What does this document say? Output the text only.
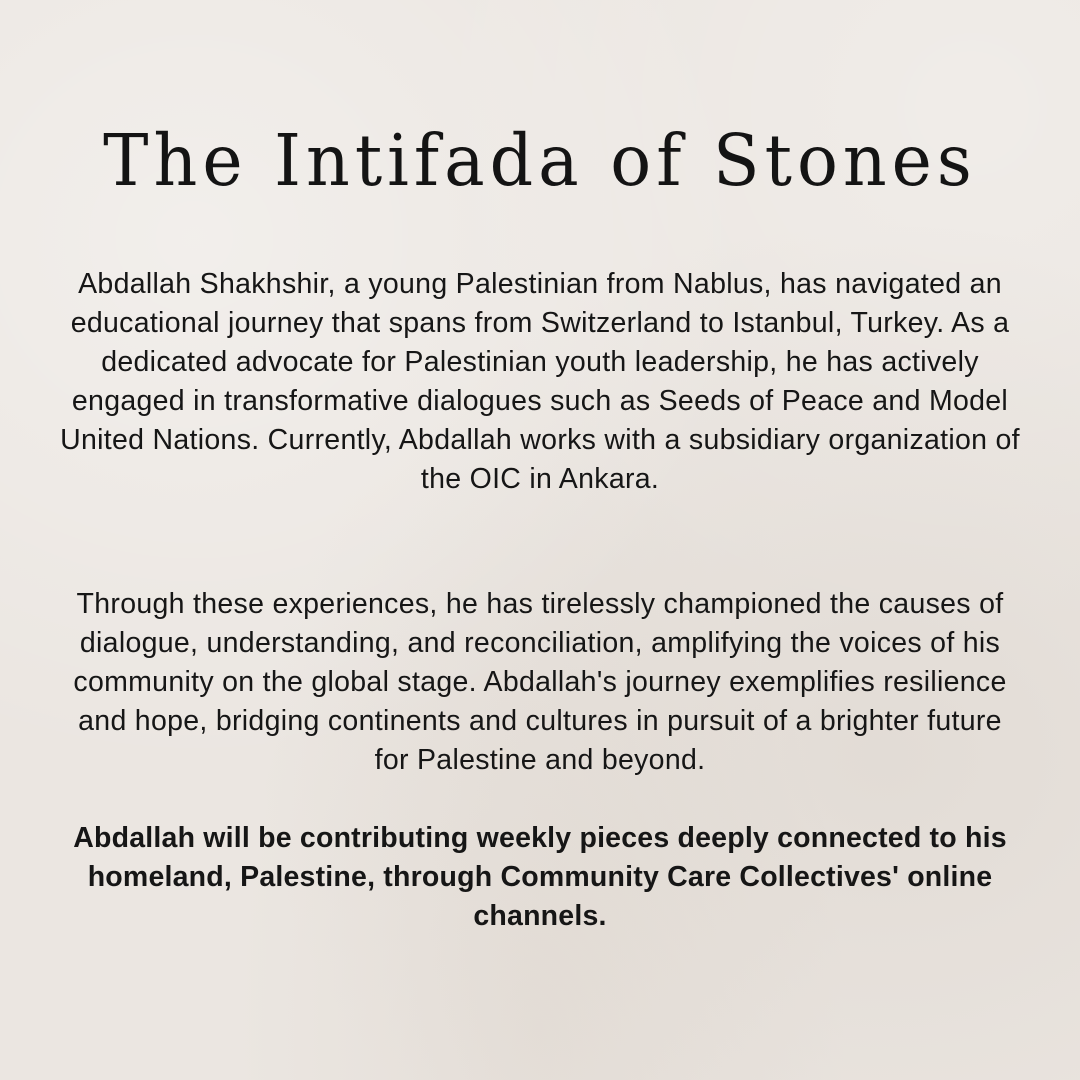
The Intifada of Stones

Abdallah Shakhshir, a young Palestinian from Nablus, has navigated an educational journey that spans from Switzerland to Istanbul, Turkey. As a dedicated advocate for Palestinian youth leadership, he has actively engaged in transformative dialogues such as Seeds of Peace and Model United Nations. Currently, Abdallah works with a subsidiary organization of the OIC in Ankara.

Through these experiences, he has tirelessly championed the causes of dialogue, understanding, and reconciliation, amplifying the voices of his community on the global stage. Abdallah's journey exemplifies resilience and hope, bridging continents and cultures in pursuit of a brighter future for Palestine and beyond.

Abdallah will be contributing weekly pieces deeply connected to his homeland, Palestine, through Community Care Collectives' online channels.
